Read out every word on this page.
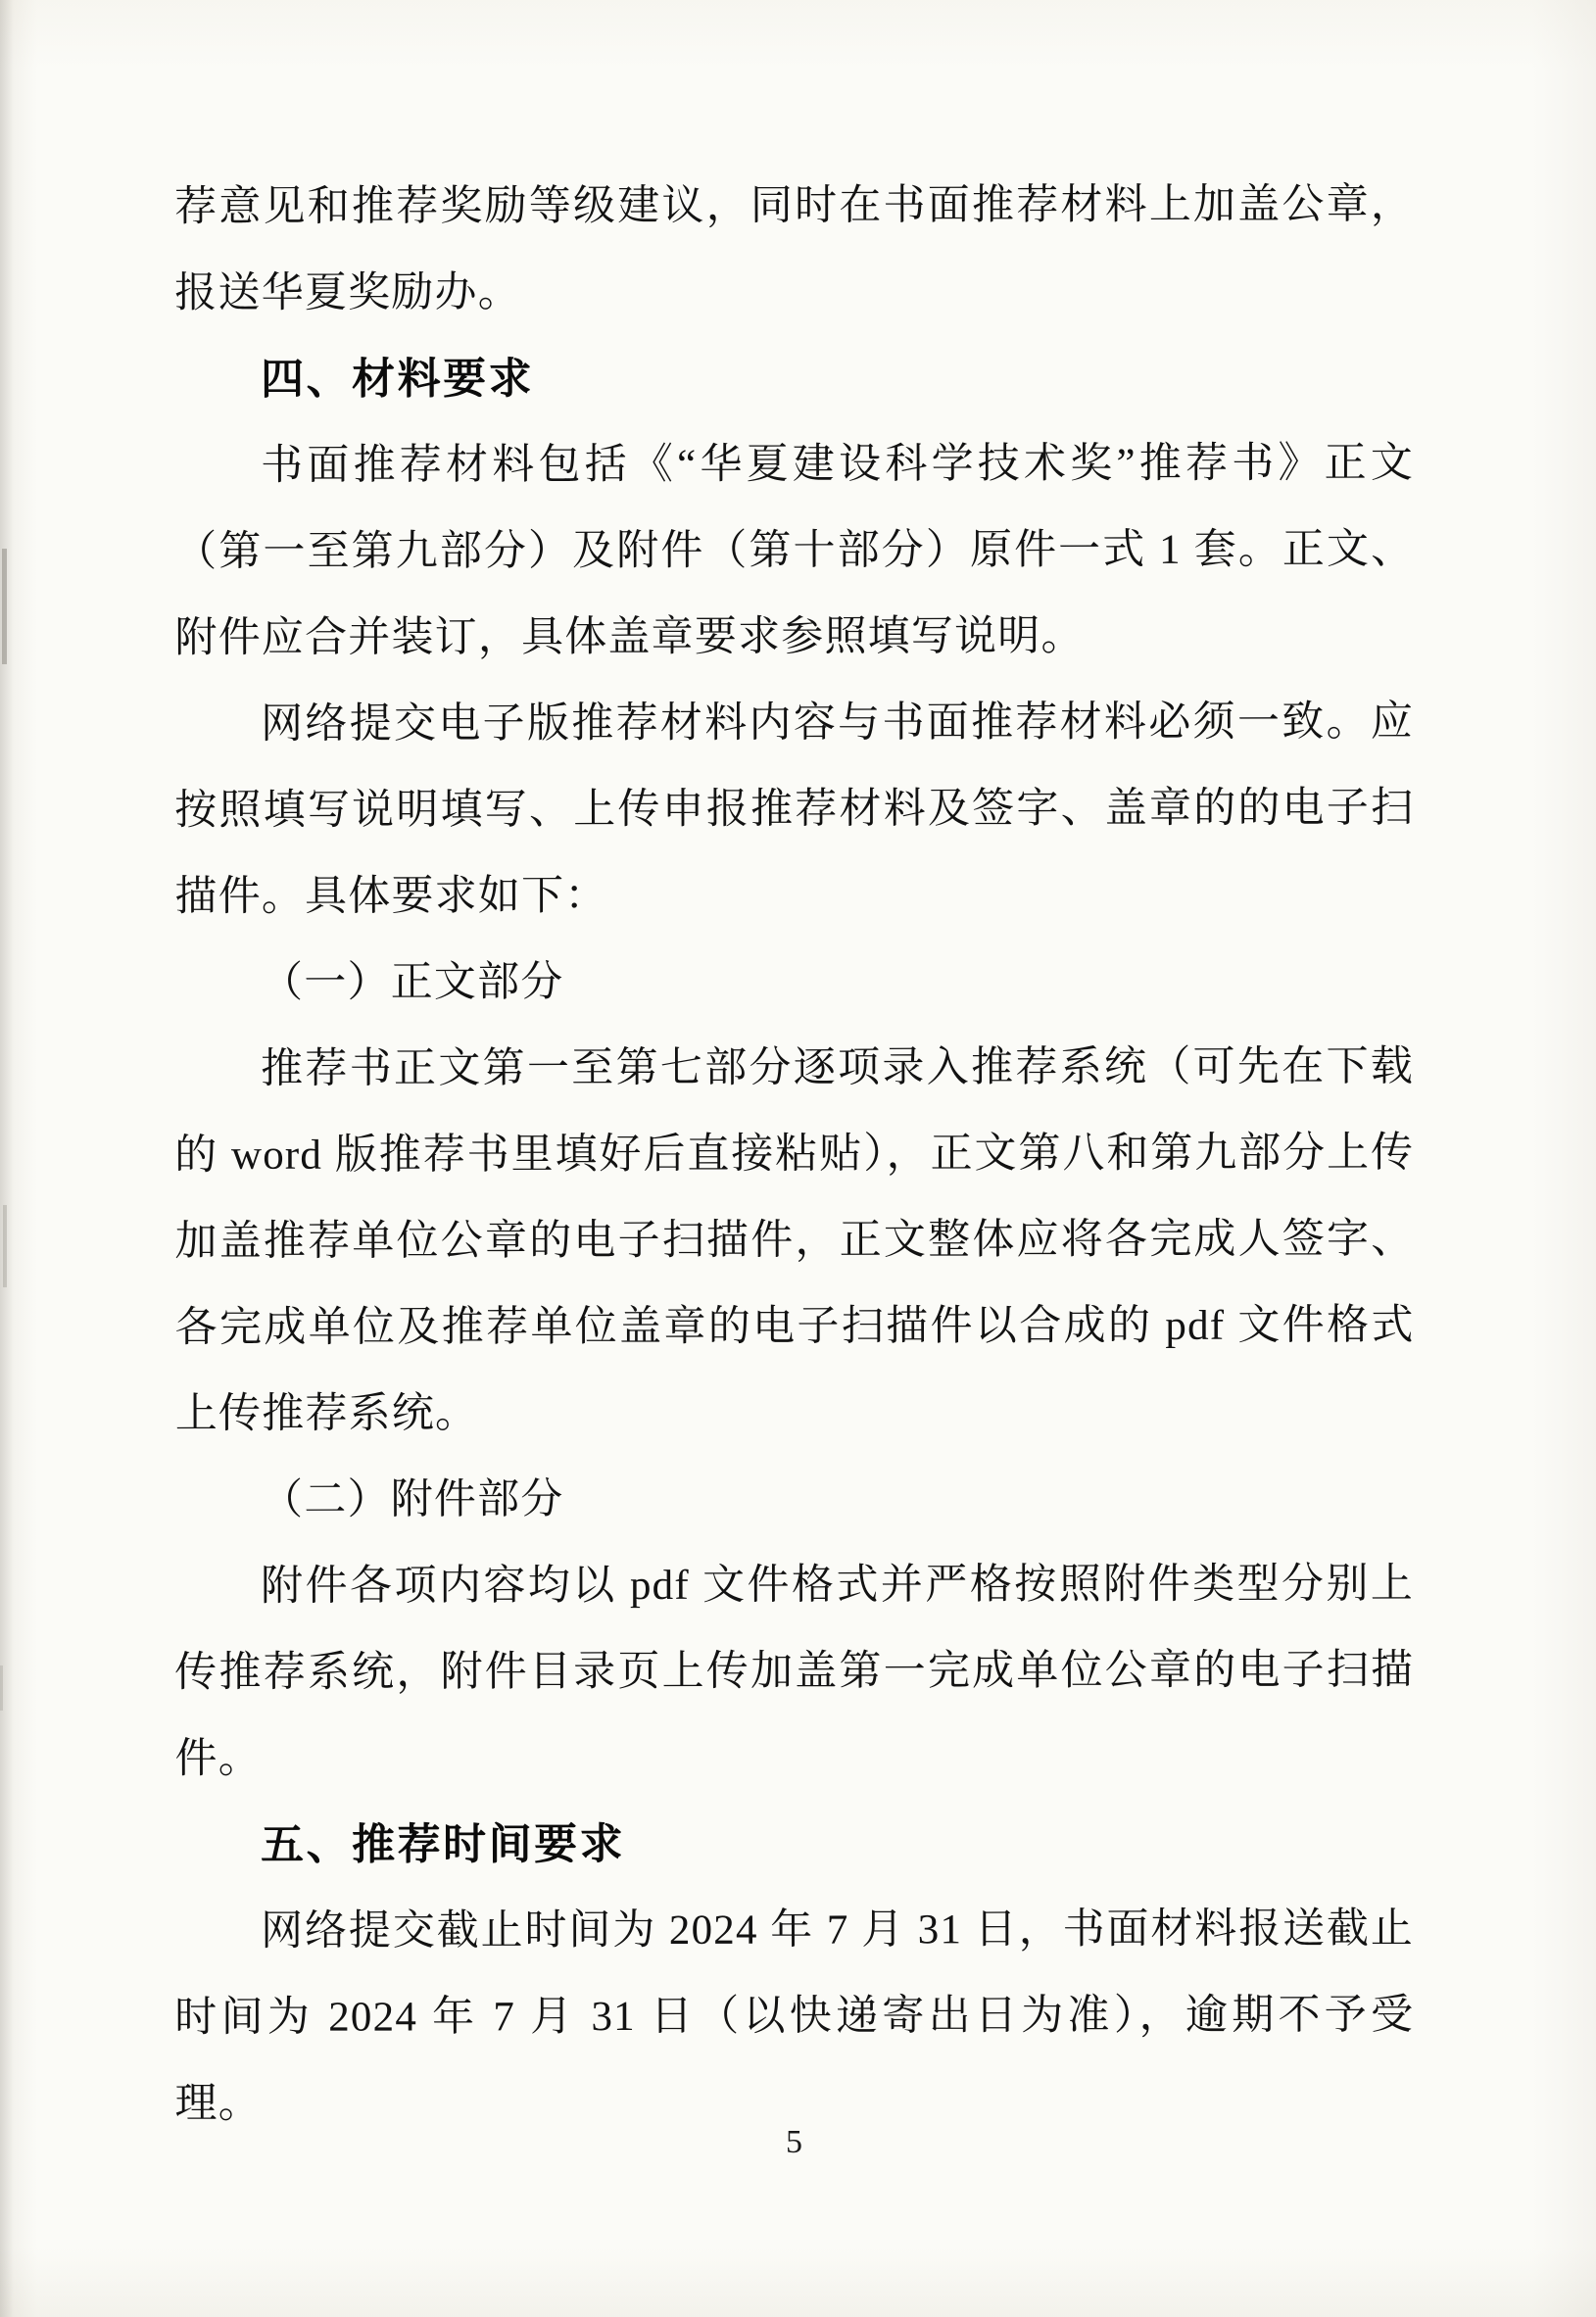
荐意见和推荐奖励等级建议，同时在书面推荐材料上加盖公章，报送华夏奖励办。

四、材料要求

书面推荐材料包括《“华夏建设科学技术奖”推荐书》正文（第一至第九部分）及附件（第十部分）原件一式 1 套。正文、附件应合并装订，具体盖章要求参照填写说明。

网络提交电子版推荐材料内容与书面推荐材料必须一致。应按照填写说明填写、上传申报推荐材料及签字、盖章的的电子扫描件。具体要求如下：

（一）正文部分

推荐书正文第一至第七部分逐项录入推荐系统（可先在下载的 word 版推荐书里填好后直接粘贴），正文第八和第九部分上传加盖推荐单位公章的电子扫描件，正文整体应将各完成人签字、各完成单位及推荐单位盖章的电子扫描件以合成的 pdf 文件格式上传推荐系统。

（二）附件部分

附件各项内容均以 pdf 文件格式并严格按照附件类型分别上传推荐系统，附件目录页上传加盖第一完成单位公章的电子扫描件。

五、推荐时间要求

网络提交截止时间为 2024 年 7 月 31 日，书面材料报送截止时间为 2024 年 7 月 31 日（以快递寄出日为准），逾期不予受理。

5
